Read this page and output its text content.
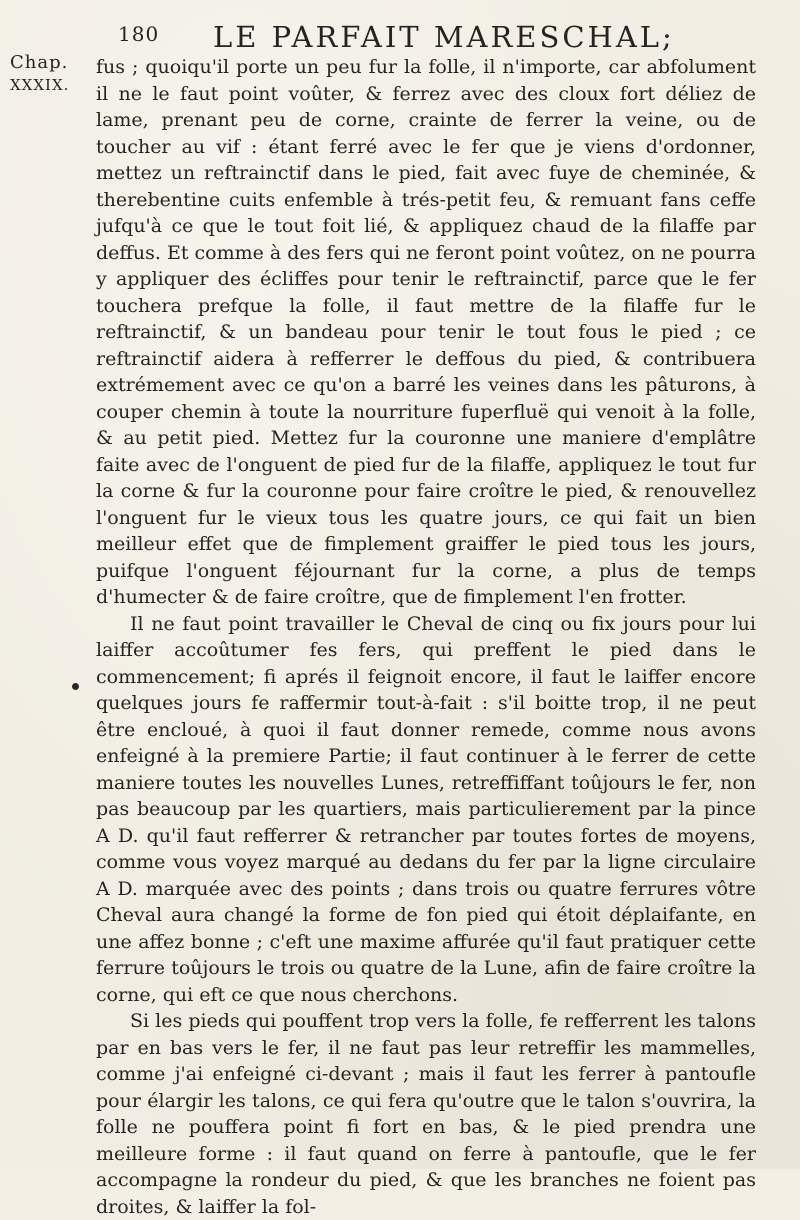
180 LE PARFAIT MARESCHAL;
Chap.
XXXIX.

fus ; quoiqu'il porte un peu fur la folle, il n'importe, car abfolument il ne le faut point voûter, & ferrez avec des cloux fort déliez de lame, prenant peu de corne, crainte de ferrer la veine, ou de toucher au vif : étant ferré avec le fer que je viens d'ordonner, mettez un reftrainctif dans le pied, fait avec fuye de cheminée, & therebentine cuits enfemble à trés-petit feu, & remuant fans ceffe jufqu'à ce que le tout foit lié, & appliquez chaud de la filaffe par deffus. Et comme à des fers qui ne feront point voûtez, on ne pourra y appliquer des écliffes pour tenir le reftrainctif, parce que le fer touchera prefque la folle, il faut mettre de la filaffe fur le reftrainctif, & un bandeau pour tenir le tout fous le pied ; ce reftrainctif aidera à refferrer le deffous du pied, & contribuera extrémement avec ce qu'on a barré les veines dans les pâturons, à couper chemin à toute la nourriture fuperfluë qui venoit à la folle, & au petit pied. Mettez fur la couronne une maniere d'emplâtre faite avec de l'onguent de pied fur de la filaffe, appliquez le tout fur la corne & fur la couronne pour faire croître le pied, & renouvellez l'onguent fur le vieux tous les quatre jours, ce qui fait un bien meilleur effet que de fimplement graiffer le pied tous les jours, puifque l'onguent féjournant fur la corne, a plus de temps d'humecter & de faire croître, que de fimplement l'en frotter.

Il ne faut point travailler le Cheval de cinq ou fix jours pour lui laiffer accoûtumer fes fers, qui preffent le pied dans le commencement; fi aprés il feignoit encore, il faut le laiffer encore quelques jours fe raffermir tout-à-fait : s'il boitte trop, il ne peut être encloué, à quoi il faut donner remede, comme nous avons enfeigné à la premiere Partie; il faut continuer à le ferrer de cette maniere toutes les nouvelles Lunes, retreffiffant toûjours le fer, non pas beaucoup par les quartiers, mais particulierement par la pince A D. qu'il faut refferrer & retrancher par toutes fortes de moyens, comme vous voyez marqué au dedans du fer par la ligne circulaire A D. marquée avec des points ; dans trois ou quatre ferrures vôtre Cheval aura changé la forme de fon pied qui étoit déplaifante, en une affez bonne ; c'eft une maxime affurée qu'il faut pratiquer cette ferrure toûjours le trois ou quatre de la Lune, afin de faire croître la corne, qui eft ce que nous cherchons.

Si les pieds qui pouffent trop vers la folle, fe refferrent les talons par en bas vers le fer, il ne faut pas leur retreffir les mammelles, comme j'ai enfeigné ci-devant ; mais il faut les ferrer à pantoufle pour élargir les talons, ce qui fera qu'outre que le talon s'ouvrira, la folle ne pouffera point fi fort en bas, & le pied prendra une meilleure forme : il faut quand on ferre à pantoufle, que le fer accompagne la rondeur du pied, & que les branches ne foient pas droites, & laiffer la fol-
